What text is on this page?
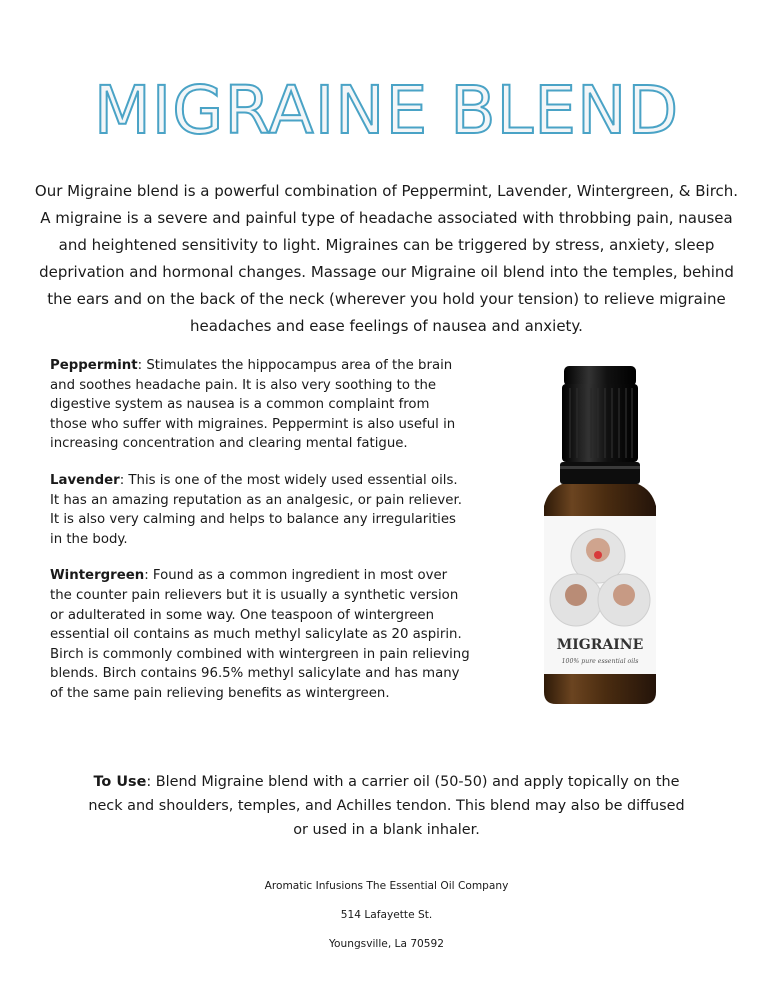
MIGRAINE BLEND

Our Migraine blend is a powerful combination of Peppermint, Lavender, Wintergreen, & Birch. A migraine is a severe and painful type of headache associated with throbbing pain, nausea and heightened sensitivity to light. Migraines can be triggered by stress, anxiety, sleep deprivation and hormonal changes. Massage our Migraine oil blend into the temples, behind the ears and on the back of the neck (wherever you hold your tension) to relieve migraine headaches and ease feelings of nausea and anxiety.

Peppermint: Stimulates the hippocampus area of the brain and soothes headache pain. It is also very soothing to the digestive system as nausea is a common complaint from those who suffer with migraines. Peppermint is also useful in increasing concentration and clearing mental fatigue.

Lavender: This is one of the most widely used essential oils. It has an amazing reputation as an analgesic, or pain reliever. It is also very calming and helps to balance any irregularities in the body.

Wintergreen: Found as a common ingredient in most over the counter pain relievers but it is usually a synthetic version or adulterated in some way. One teaspoon of wintergreen essential oil contains as much methyl salicylate as 20 aspirin. Birch is commonly combined with wintergreen in pain relieving blends. Birch contains 96.5% methyl salicylate and has many of the same pain relieving benefits as wintergreen.

MIGRAINE
100% pure essential oils

To Use: Blend Migraine blend with a carrier oil (50-50) and apply topically on the neck and shoulders, temples, and Achilles tendon. This blend may also be diffused or used in a blank inhaler.

Aromatic Infusions The Essential Oil Company
514 Lafayette St.
Youngsville, La 70592
